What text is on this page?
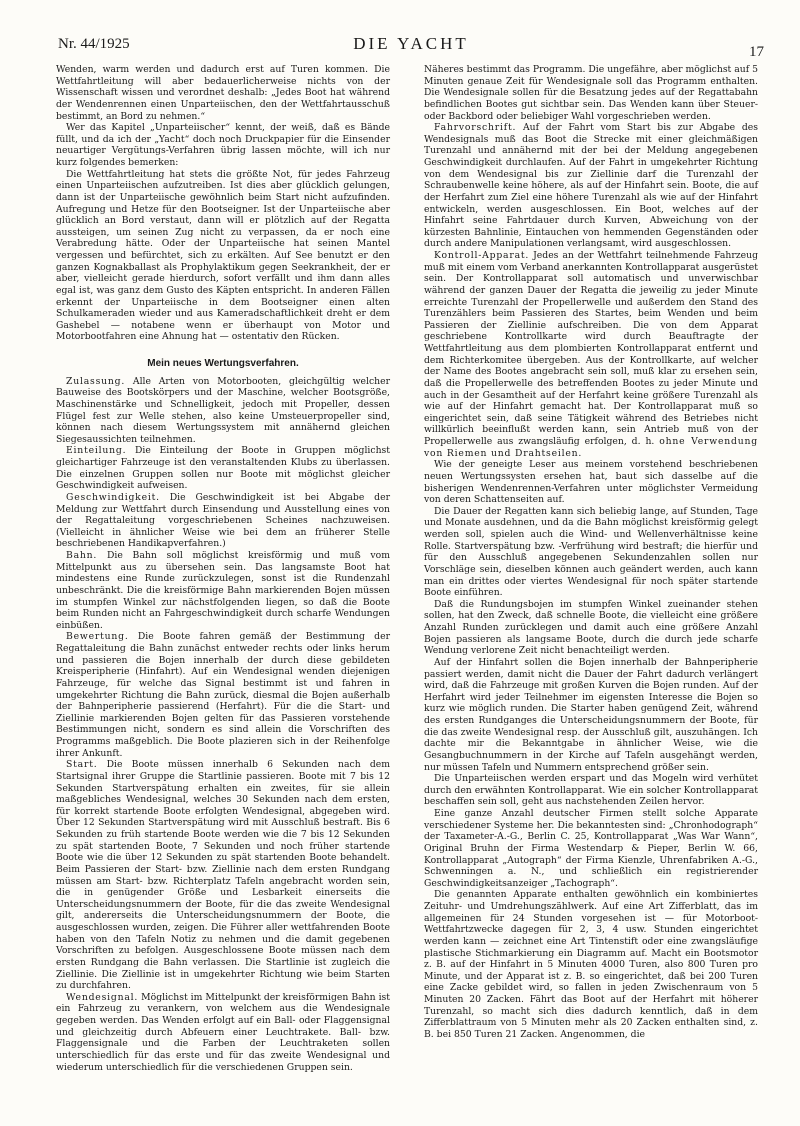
Nr. 44/1925	DIE YACHT	17

Wenden, warm werden und dadurch erst auf Turen kommen. Die Wettfahrtleitung will aber bedauerlicherweise nichts von der Wissenschaft wissen und verordnet deshalb: „Jedes Boot hat während der Wendenrennen einen Unparteiischen, den der Wettfahrtausschuß bestimmt, an Bord zu nehmen.“

Wer das Kapitel „Unparteiischer“ kennt, der weiß, daß es Bände füllt, und da ich der „Yacht“ doch noch Druckpapier für die Einsender neuartiger Vergütungs-Verfahren übrig lassen möchte, will ich nur kurz folgendes bemerken:

Die Wettfahrtleitung hat stets die größte Not, für jedes Fahrzeug einen Unparteiischen aufzutreiben. Ist dies aber glücklich gelungen, dann ist der Unparteiische gewöhnlich beim Start nicht aufzufinden. Aufregung und Hetze für den Bootseigner. Ist der Unparteiische aber glücklich an Bord verstaut, dann will er plötzlich auf der Regatta aussteigen, um seinen Zug nicht zu verpassen, da er noch eine Verabredung hätte. Oder der Unparteiische hat seinen Mantel vergessen und befürchtet, sich zu erkälten. Auf See benutzt er den ganzen Kognakballast als Prophylaktikum gegen Seekrankheit, der er aber, vielleicht gerade hierdurch, sofort verfällt und ihm dann alles egal ist, was ganz dem Gusto des Käpten entspricht. In anderen Fällen erkennt der Unparteiische in dem Bootseigner einen alten Schulkameraden wieder und aus Kameradschaftlichkeit dreht er dem Gashebel — notabene wenn er überhaupt von Motor und Motorbootfahren eine Ahnung hat — ostentativ den Rücken.

Mein neues Wertungsverfahren.

Zulassung. Alle Arten von Motorbooten, gleichgültig welcher Bauweise des Bootskörpers und der Maschine, welcher Bootsgröße, Maschinenstärke und Schnelligkeit, jedoch mit Propeller, dessen Flügel fest zur Welle stehen, also keine Umsteuerpropeller sind, können nach diesem Wertungssystem mit annähernd gleichen Siegesaussichten teilnehmen.

Einteilung. Die Einteilung der Boote in Gruppen möglichst gleichartiger Fahrzeuge ist den veranstaltenden Klubs zu überlassen. Die einzelnen Gruppen sollen nur Boote mit möglichst gleicher Geschwindigkeit aufweisen.

Geschwindigkeit. Die Geschwindigkeit ist bei Abgabe der Meldung zur Wettfahrt durch Einsendung und Ausstellung eines von der Regattaleitung vorgeschriebenen Scheines nachzuweisen. (Vielleicht in ähnlicher Weise wie bei dem an früherer Stelle beschriebenen Handikapverfahren.)

Bahn. Die Bahn soll möglichst kreisförmig und muß vom Mittelpunkt aus zu übersehen sein. Das langsamste Boot hat mindestens eine Runde zurückzulegen, sonst ist die Rundenzahl unbeschränkt. Die die kreisförmige Bahn markierenden Bojen müssen im stumpfen Winkel zur nächstfolgenden liegen, so daß die Boote beim Runden nicht an Fahrgeschwindigkeit durch scharfe Wendungen einbüßen.

Bewertung. Die Boote fahren gemäß der Bestimmung der Regattaleitung die Bahn zunächst entweder rechts oder links herum und passieren die Bojen innerhalb der durch diese gebildeten Kreisperipherie (Hinfahrt). Auf ein Wendesignal wenden diejenigen Fahrzeuge, für welche das Signal bestimmt ist und fahren in umgekehrter Richtung die Bahn zurück, diesmal die Bojen außerhalb der Bahnperipherie passierend (Herfahrt). Für die die Start- und Ziellinie markierenden Bojen gelten für das Passieren vorstehende Bestimmungen nicht, sondern es sind allein die Vorschriften des Programms maßgeblich. Die Boote plazieren sich in der Reihenfolge ihrer Ankunft.

Start. Die Boote müssen innerhalb 6 Sekunden nach dem Startsignal ihrer Gruppe die Startlinie passieren. Boote mit 7 bis 12 Sekunden Startverspätung erhalten ein zweites, für sie allein maßgebliches Wendesignal, welches 30 Sekunden nach dem ersten, für korrekt startende Boote erfolgten Wendesignal, abgegeben wird. Über 12 Sekunden Startverspätung wird mit Ausschluß bestraft. Bis 6 Sekunden zu früh startende Boote werden wie die 7 bis 12 Sekunden zu spät startenden Boote, 7 Sekunden und noch früher startende Boote wie die über 12 Sekunden zu spät startenden Boote behandelt. Beim Passieren der Start- bzw. Ziellinie nach dem ersten Rundgang müssen am Start- bzw. Richterplatz Tafeln angebracht worden sein, die in genügender Größe und Lesbarkeit einerseits die Unterscheidungsnummern der Boote, für die das zweite Wendesignal gilt, andererseits die Unterscheidungsnummern der Boote, die ausgeschlossen wurden, zeigen. Die Führer aller wettfahrenden Boote haben von den Tafeln Notiz zu nehmen und die damit gegebenen Vorschriften zu befolgen. Ausgeschlossene Boote müssen nach dem ersten Rundgang die Bahn verlassen. Die Startlinie ist zugleich die Ziellinie. Die Ziellinie ist in umgekehrter Richtung wie beim Starten zu durchfahren.

Wendesignal. Möglichst im Mittelpunkt der kreisförmigen Bahn ist ein Fahrzeug zu verankern, von welchem aus die Wendesignale gegeben werden. Das Wenden erfolgt auf ein Ball- oder Flaggensignal und gleichzeitig durch Abfeuern einer Leuchtrakete. Ball- bzw. Flaggensignale und die Farben der Leuchtraketen sollen unterschiedlich für das erste und für das zweite Wendesignal und wiederum unterschiedlich für die verschiedenen Gruppen sein.

Näheres bestimmt das Programm. Die ungefähre, aber möglichst auf 5 Minuten genaue Zeit für Wendesignale soll das Programm enthalten. Die Wendesignale sollen für die Besatzung jedes auf der Regattabahn befindlichen Bootes gut sichtbar sein. Das Wenden kann über Steuer- oder Backbord oder beliebiger Wahl vorgeschrieben werden.

Fahrvorschrift. Auf der Fahrt vom Start bis zur Abgabe des Wendesignals muß das Boot die Strecke mit einer gleichmäßigen Turenzahl und annähernd mit der bei der Meldung angegebenen Geschwindigkeit durchlaufen. Auf der Fahrt in umgekehrter Richtung von dem Wendesignal bis zur Ziellinie darf die Turenzahl der Schraubenwelle keine höhere, als auf der Hinfahrt sein. Boote, die auf der Herfahrt zum Ziel eine höhere Turenzahl als wie auf der Hinfahrt entwickeln, werden ausgeschlossen. Ein Boot, welches auf der Hinfahrt seine Fahrtdauer durch Kurven, Abweichung von der kürzesten Bahnlinie, Eintauchen von hemmenden Gegenständen oder durch andere Manipulationen verlangsamt, wird ausgeschlossen.

Kontroll-Apparat. Jedes an der Wettfahrt teilnehmende Fahrzeug muß mit einem vom Verband anerkannten Kontrollapparat ausgerüstet sein. Der Kontrollapparat soll automatisch und unverwischbar während der ganzen Dauer der Regatta die jeweilig zu jeder Minute erreichte Turenzahl der Propellerwelle und außerdem den Stand des Turenzählers beim Passieren des Startes, beim Wenden und beim Passieren der Ziellinie aufschreiben. Die von dem Apparat geschriebene Kontrollkarte wird durch Beauftragte der Wettfahrtleitung aus dem plombierten Kontrollapparat entfernt und dem Richterkomitee übergeben. Aus der Kontrollkarte, auf welcher der Name des Bootes angebracht sein soll, muß klar zu ersehen sein, daß die Propellerwelle des betreffenden Bootes zu jeder Minute und auch in der Gesamtheit auf der Herfahrt keine größere Turenzahl als wie auf der Hinfahrt gemacht hat. Der Kontrollapparat muß so eingerichtet sein, daß seine Tätigkeit während des Betriebes nicht willkürlich beeinflußt werden kann, sein Antrieb muß von der Propellerwelle aus zwangsläufig erfolgen, d. h. ohne Verwendung von Riemen und Drahtseilen.

Wie der geneigte Leser aus meinem vorstehend beschriebenen neuen Wertungssysten ersehen hat, baut sich dasselbe auf die bisherigen Wendenrennen-Verfahren unter möglichster Vermeidung von deren Schattenseiten auf.

Die Dauer der Regatten kann sich beliebig lange, auf Stunden, Tage und Monate ausdehnen, und da die Bahn möglichst kreisförmig gelegt werden soll, spielen auch die Wind- und Wellenverhältnisse keine Rolle. Startverspätung bzw. -Verfrühung wird bestraft; die hierfür und für den Ausschluß angegebenen Sekundenzahlen sollen nur Vorschläge sein, dieselben können auch geändert werden, auch kann man ein drittes oder viertes Wendesignal für noch später startende Boote einführen.

Daß die Rundungsbojen im stumpfen Winkel zueinander stehen sollen, hat den Zweck, daß schnelle Boote, die vielleicht eine größere Anzahl Runden zurücklegen und damit auch eine größere Anzahl Bojen passieren als langsame Boote, durch die durch jede scharfe Wendung verlorene Zeit nicht benachteiligt werden.

Auf der Hinfahrt sollen die Bojen innerhalb der Bahnperipherie passiert werden, damit nicht die Dauer der Fahrt dadurch verlängert wird, daß die Fahrzeuge mit großen Kurven die Bojen runden. Auf der Herfahrt wird jeder Teilnehmer im eigensten Interesse die Bojen so kurz wie möglich runden. Die Starter haben genügend Zeit, während des ersten Rundganges die Unterscheidungsnummern der Boote, für die das zweite Wendesignal resp. der Ausschluß gilt, auszuhängen. Ich dachte mir die Bekanntgabe in ähnlicher Weise, wie die Gesangbuchnummern in der Kirche auf Tafeln ausgehängt werden, nur müssen Tafeln und Nummern entsprechend größer sein.

Die Unparteiischen werden erspart und das Mogeln wird verhütet durch den erwähnten Kontrollapparat. Wie ein solcher Kontrollapparat beschaffen sein soll, geht aus nachstehenden Zeilen hervor.

Eine ganze Anzahl deutscher Firmen stellt solche Apparate verschiedener Systeme her. Die bekanntesten sind: „Chronhodograph“ der Taxameter-A.-G., Berlin C. 25, Kontrollapparat „Was War Wann“, Original Bruhn der Firma Westendarp & Pieper, Berlin W. 66, Kontrollapparat „Autograph“ der Firma Kienzle, Uhrenfabriken A.-G., Schwenningen a. N., und schließlich ein registrierender Geschwindigkeitsanzeiger „Tachograph“.

Die genannten Apparate enthalten gewöhnlich ein kombiniertes Zeituhr- und Umdrehungszählwerk. Auf eine Art Zifferblatt, das im allgemeinen für 24 Stunden vorgesehen ist — für Motorboot-Wettfahrtzwecke dagegen für 2, 3, 4 usw. Stunden eingerichtet werden kann — zeichnet eine Art Tintenstift oder eine zwangsläufige plastische Stichmarkierung ein Diagramm auf. Macht ein Bootsmotor z. B. auf der Hinfahrt in 5 Minuten 4000 Turen, also 800 Turen pro Minute, und der Apparat ist z. B. so eingerichtet, daß bei 200 Turen eine Zacke gebildet wird, so fallen in jeden Zwischenraum von 5 Minuten 20 Zacken. Fährt das Boot auf der Herfahrt mit höherer Turenzahl, so macht sich dies dadurch kenntlich, daß in dem Zifferblattraum von 5 Minuten mehr als 20 Zacken enthalten sind, z. B. bei 850 Turen 21 Zacken. Angenommen, die
